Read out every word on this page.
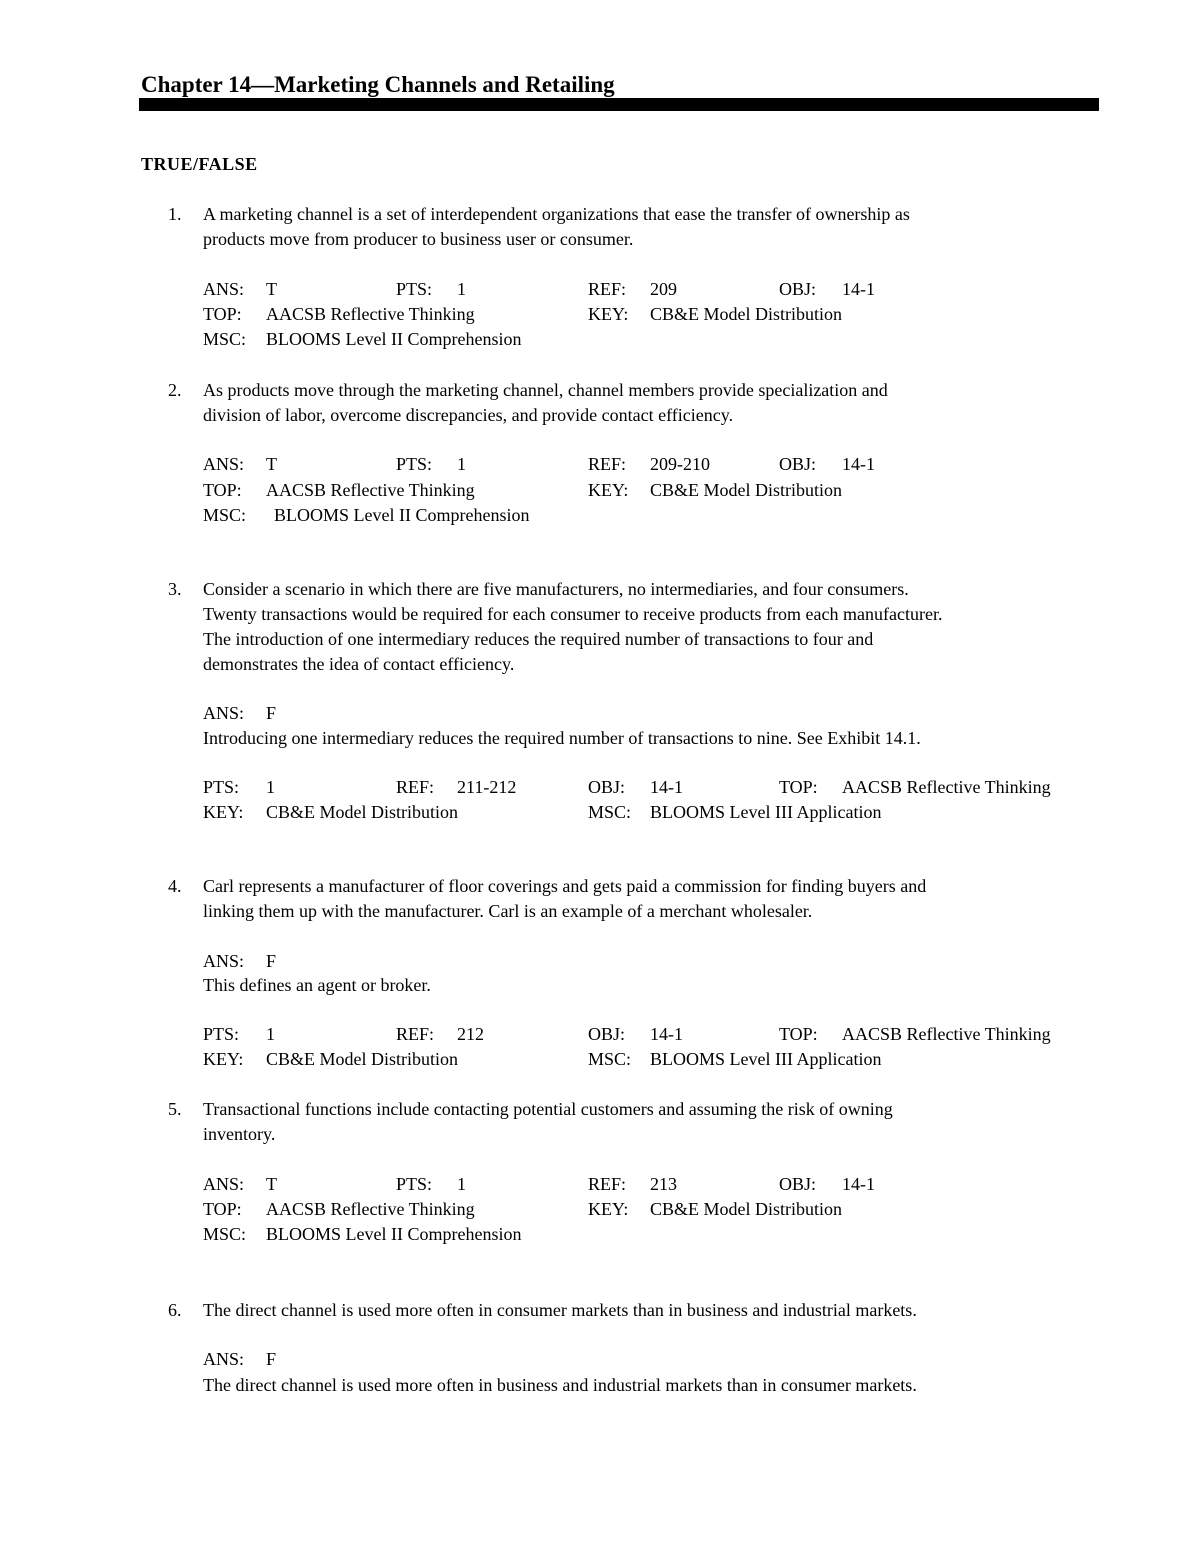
Chapter 14—Marketing Channels and Retailing
TRUE/FALSE
1. A marketing channel is a set of interdependent organizations that ease the transfer of ownership as
products move from producer to business user or consumer.
ANS: T	PTS: 1	REF: 209	OBJ: 14-1
TOP: AACSB Reflective Thinking	KEY: CB&E Model Distribution
MSC: BLOOMS Level II Comprehension
2. As products move through the marketing channel, channel members provide specialization and
division of labor, overcome discrepancies, and provide contact efficiency.
ANS: T	PTS: 1	REF: 209-210	OBJ: 14-1
TOP: AACSB Reflective Thinking	KEY: CB&E Model Distribution
MSC: BLOOMS Level II Comprehension
3. Consider a scenario in which there are five manufacturers, no intermediaries, and four consumers.
Twenty transactions would be required for each consumer to receive products from each manufacturer.
The introduction of one intermediary reduces the required number of transactions to four and
demonstrates the idea of contact efficiency.
ANS: F
Introducing one intermediary reduces the required number of transactions to nine. See Exhibit 14.1.
PTS: 1	REF: 211-212	OBJ: 14-1	TOP: AACSB Reflective Thinking
KEY: CB&E Model Distribution	MSC: BLOOMS Level III Application
4. Carl represents a manufacturer of floor coverings and gets paid a commission for finding buyers and
linking them up with the manufacturer. Carl is an example of a merchant wholesaler.
ANS: F
This defines an agent or broker.
PTS: 1	REF: 212	OBJ: 14-1	TOP: AACSB Reflective Thinking
KEY: CB&E Model Distribution	MSC: BLOOMS Level III Application
5. Transactional functions include contacting potential customers and assuming the risk of owning
inventory.
ANS: T	PTS: 1	REF: 213	OBJ: 14-1
TOP: AACSB Reflective Thinking	KEY: CB&E Model Distribution
MSC: BLOOMS Level II Comprehension
6. The direct channel is used more often in consumer markets than in business and industrial markets.
ANS: F
The direct channel is used more often in business and industrial markets than in consumer markets.
